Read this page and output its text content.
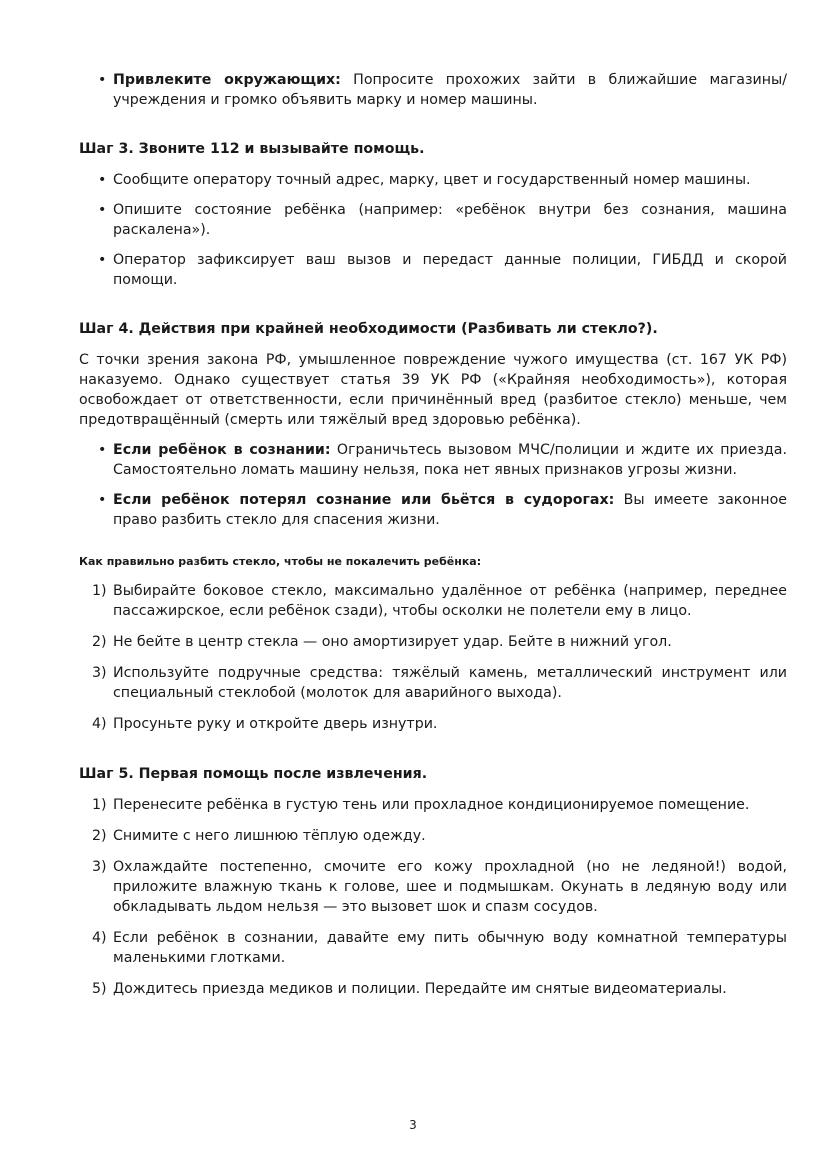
• Привлеките окружающих: Попросите прохожих зайти в ближайшие магазины/учреждения и громко объявить марку и номер машины.
Шаг 3. Звоните 112 и вызывайте помощь.
• Сообщите оператору точный адрес, марку, цвет и государственный номер машины.
• Опишите состояние ребёнка (например: «ребёнок внутри без сознания, машина раскалена»).
• Оператор зафиксирует ваш вызов и передаст данные полиции, ГИБДД и скорой помощи.
Шаг 4. Действия при крайней необходимости (Разбивать ли стекло?).
С точки зрения закона РФ, умышленное повреждение чужого имущества (ст. 167 УК РФ) наказуемо. Однако существует статья 39 УК РФ («Крайняя необходимость»), которая освобождает от ответственности, если причинённый вред (разбитое стекло) меньше, чем предотвращённый (смерть или тяжёлый вред здоровью ребёнка).
• Если ребёнок в сознании: Ограничьтесь вызовом МЧС/полиции и ждите их приезда. Самостоятельно ломать машину нельзя, пока нет явных признаков угрозы жизни.
• Если ребёнок потерял сознание или бьётся в судорогах: Вы имеете законное право разбить стекло для спасения жизни.
Как правильно разбить стекло, чтобы не покалечить ребёнка:
1) Выбирайте боковое стекло, максимально удалённое от ребёнка (например, переднее пассажирское, если ребёнок сзади), чтобы осколки не полетели ему в лицо.
2) Не бейте в центр стекла — оно амортизирует удар. Бейте в нижний угол.
3) Используйте подручные средства: тяжёлый камень, металлический инструмент или специальный стеклобой (молоток для аварийного выхода).
4) Просуньте руку и откройте дверь изнутри.
Шаг 5. Первая помощь после извлечения.
1) Перенесите ребёнка в густую тень или прохладное кондиционируемое помещение.
2) Снимите с него лишнюю тёплую одежду.
3) Охлаждайте постепенно, смочите его кожу прохладной (но не ледяной!) водой, приложите влажную ткань к голове, шее и подмышкам. Окунать в ледяную воду или обкладывать льдом нельзя — это вызовет шок и спазм сосудов.
4) Если ребёнок в сознании, давайте ему пить обычную воду комнатной температуры маленькими глотками.
5) Дождитесь приезда медиков и полиции. Передайте им снятые видеоматериалы.
3
